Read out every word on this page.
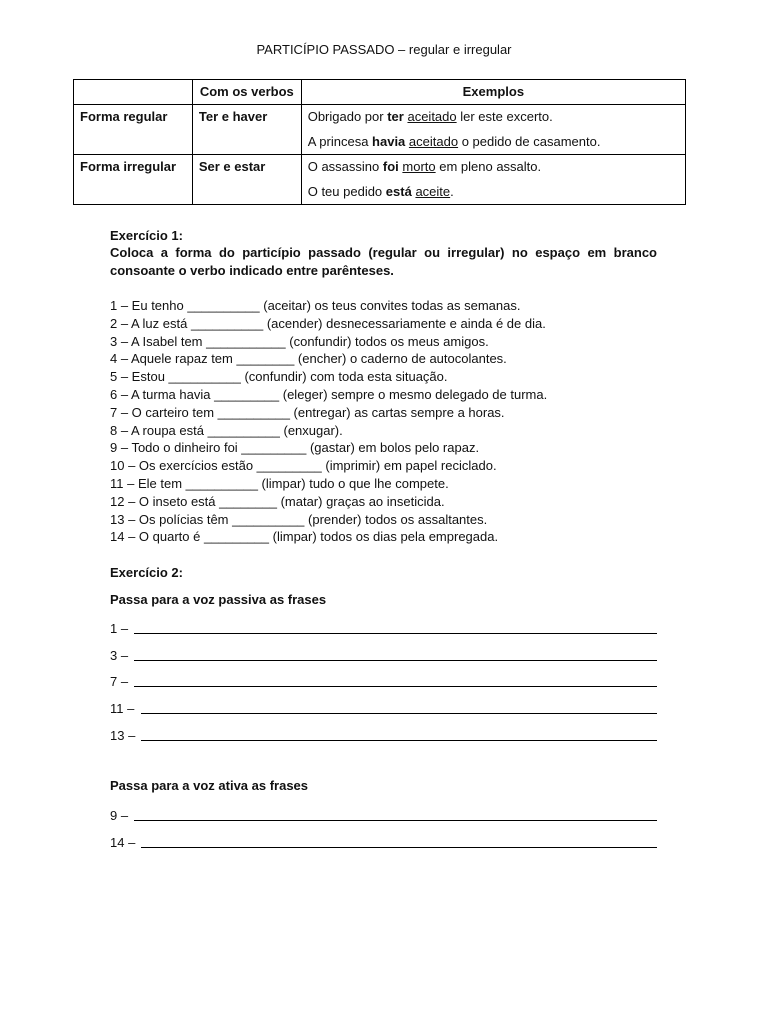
PARTICÍPIO PASSADO – regular e irregular
	Com os verbos	Exemplos
Forma regular	Ter e haver	Obrigado por ter aceitado ler este excerto.
A princesa havia aceitado o pedido de casamento.

Forma irregular	Ser e estar	O assassino foi morto em pleno assalto.
O teu pedido está aceite.
Exercício 1:
Coloca a forma do particípio passado (regular ou irregular) no espaço em branco consoante o verbo indicado entre parênteses.
1 – Eu tenho __________ (aceitar) os teus convites todas as semanas.
2 – A luz está __________ (acender) desnecessariamente e ainda é de dia.
3 – A Isabel tem ___________ (confundir) todos os meus amigos.
4 – Aquele rapaz tem ________ (encher) o caderno de autocolantes.
5 – Estou __________ (confundir) com toda esta situação.
6 – A turma havia _________ (eleger) sempre o mesmo delegado de turma.
7 – O carteiro tem __________ (entregar) as cartas sempre a horas.
8 – A roupa está __________ (enxugar).
9 – Todo o dinheiro foi _________ (gastar) em bolos pelo rapaz.
10 – Os exercícios estão _________ (imprimir) em papel reciclado.
11 – Ele tem __________ (limpar) tudo o que lhe compete.
12 – O inseto está ________ (matar) graças ao inseticida.
13 – Os polícias têm __________ (prender) todos os assaltantes.
14 – O quarto é _________ (limpar) todos os dias pela empregada.
Exercício 2:
Passa para a voz passiva as frases
1 –
3 –
7 –
11 –
13 –
Passa para a voz ativa as frases
9 –
14 –
